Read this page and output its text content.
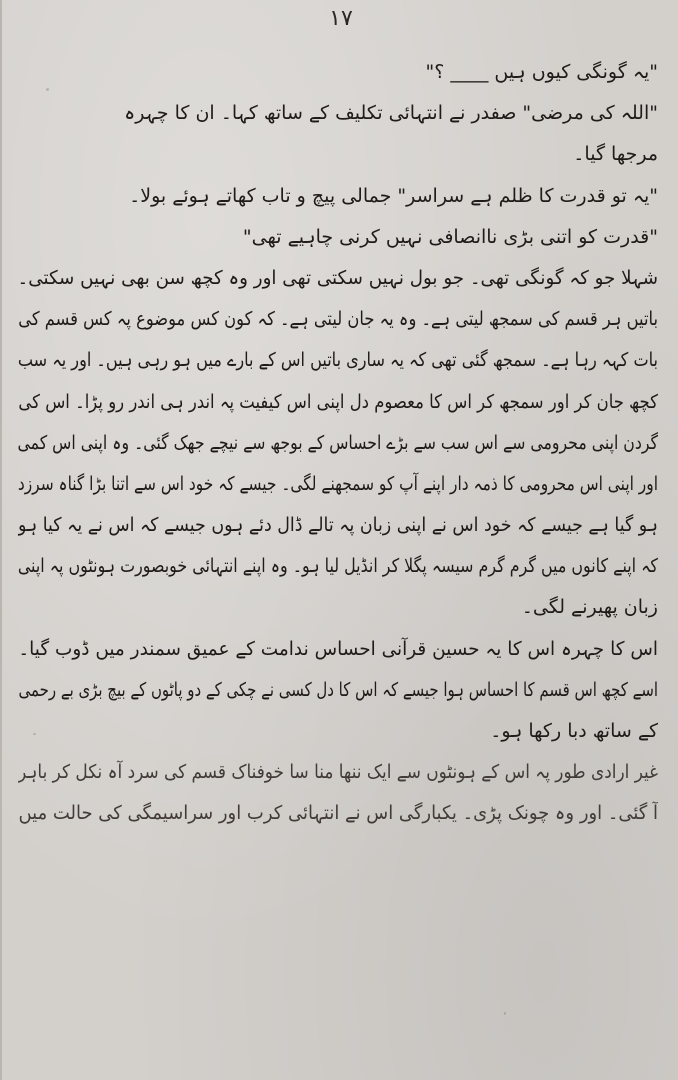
۱۷
"یہ گونگی کیوں ہیں ____ ؟"
"اللہ کی مرضی" صفدر نے انتہائی تکلیف کے ساتھ کہا۔ ان کا چہرہ
مرجھا گیا۔
"یہ تو قدرت کا ظلم ہے سراسر" جمالی پیچ و تاب کھاتے ہوئے بولا۔
"قدرت کو اتنی بڑی ناانصافی نہیں کرنی چاہیے تھی"
شہلا جو کہ گونگی تھی۔ جو بول نہیں سکتی تھی اور وہ کچھ سن بھی نہیں سکتی۔
باتیں ہر قسم کی سمجھ لیتی ہے۔ وہ یہ جان لیتی ہے۔ کہ کون کس موضوع پہ کس قسم کی
بات کہہ رہا ہے۔ سمجھ گئی تھی کہ یہ ساری باتیں اس کے بارے میں ہو رہی ہیں۔ اور یہ سب
کچھ جان کر اور سمجھ کر اس کا معصوم دل اپنی اس کیفیت پہ اندر ہی اندر رو پڑا۔ اس کی
گردن اپنی محرومی سے اس سب سے بڑے احساس کے بوجھ سے نیچے جھک گئی۔ وہ اپنی اس کمی
اور اپنی اس محرومی کا ذمہ دار اپنے آپ کو سمجھنے لگی۔ جیسے کہ خود اس سے اتنا بڑا گناہ سرزد
ہو گیا ہے جیسے کہ خود اس نے اپنی زبان پہ تالے ڈال دئے ہوں جیسے کہ اس نے یہ کیا ہو
کہ اپنے کانوں میں گرم گرم سیسہ پگلا کر انڈیل لیا ہو۔ وہ اپنے انتہائی خوبصورت ہونٹوں پہ اپنی
زبان پھیرنے لگی۔
اس کا چہرہ اس کا یہ حسین قرآنی احساس ندامت کے عمیق سمندر میں ڈوب گیا۔
اسے کچھ اس قسم کا احساس ہوا جیسے کہ اس کا دل کسی نے چکی کے دو پاٹوں کے بیچ بڑی بے رحمی
کے ساتھ دبا رکھا ہو۔
غیر ارادی طور پہ اس کے ہونٹوں سے ایک ننھا منا سا خوفناک قسم کی سرد آہ نکل کر باہر
آ گئی۔ اور وہ چونک پڑی۔ یکبارگی اس نے انتہائی کرب اور سراسیمگی کی حالت میں
